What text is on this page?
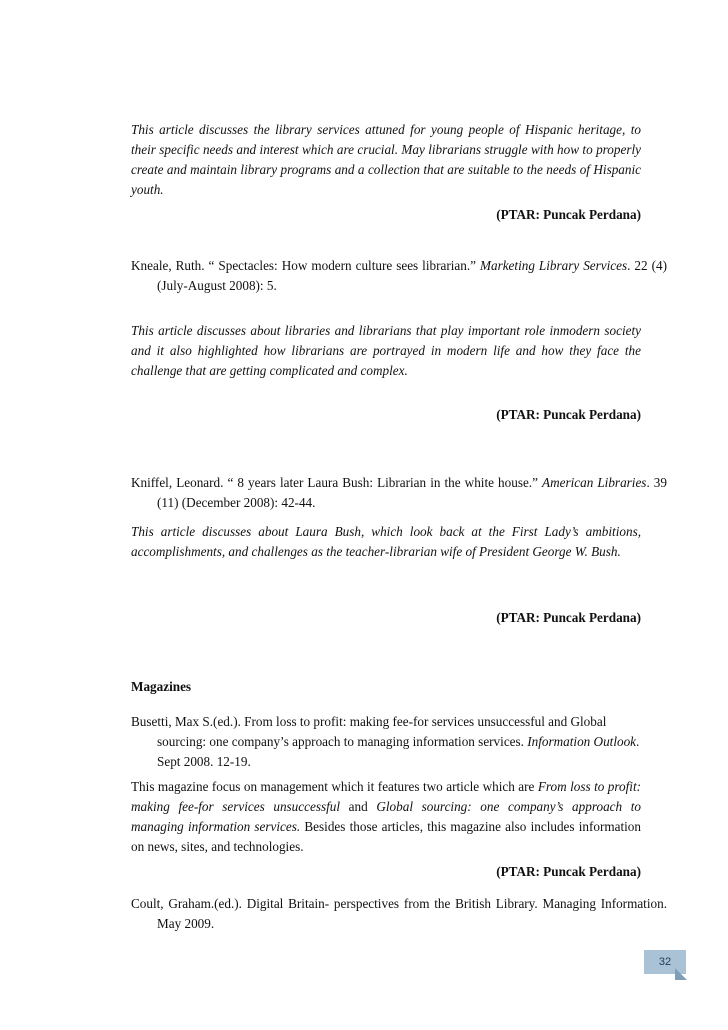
This article discusses the library services attuned for young people of Hispanic heritage, to their specific needs and interest which are crucial. May librarians struggle with how to properly create and maintain library programs and a collection that are suitable to the needs of Hispanic youth.
(PTAR: Puncak Perdana)
Kneale, Ruth. “ Spectacles: How modern culture sees librarian.” Marketing Library Services. 22 (4) (July-August 2008): 5.
This article discusses about libraries and librarians that play important role inmodern society and it also highlighted how librarians are portrayed in modern life and how they face the challenge that are getting complicated and complex.
(PTAR: Puncak Perdana)
Kniffel, Leonard. “ 8 years later Laura Bush: Librarian in the white house.” American Libraries. 39 (11) (December 2008): 42-44.
This article discusses about Laura Bush, which look back at the First Lady’s ambitions, accomplishments, and challenges as the teacher-librarian wife of President George W. Bush.
(PTAR: Puncak Perdana)
Magazines
Busetti, Max S.(ed.). From loss to profit: making fee-for services unsuccessful and Global sourcing: one company’s approach to managing information services. Information Outlook. Sept 2008. 12-19.
This magazine focus on management which it features two article which are From loss to profit: making fee-for services unsuccessful and Global sourcing: one company’s approach to managing information services. Besides those articles, this magazine also includes information on news, sites, and technologies.
(PTAR: Puncak Perdana)
Coult, Graham.(ed.). Digital Britain- perspectives from the British Library. Managing Information. May 2009.
32
